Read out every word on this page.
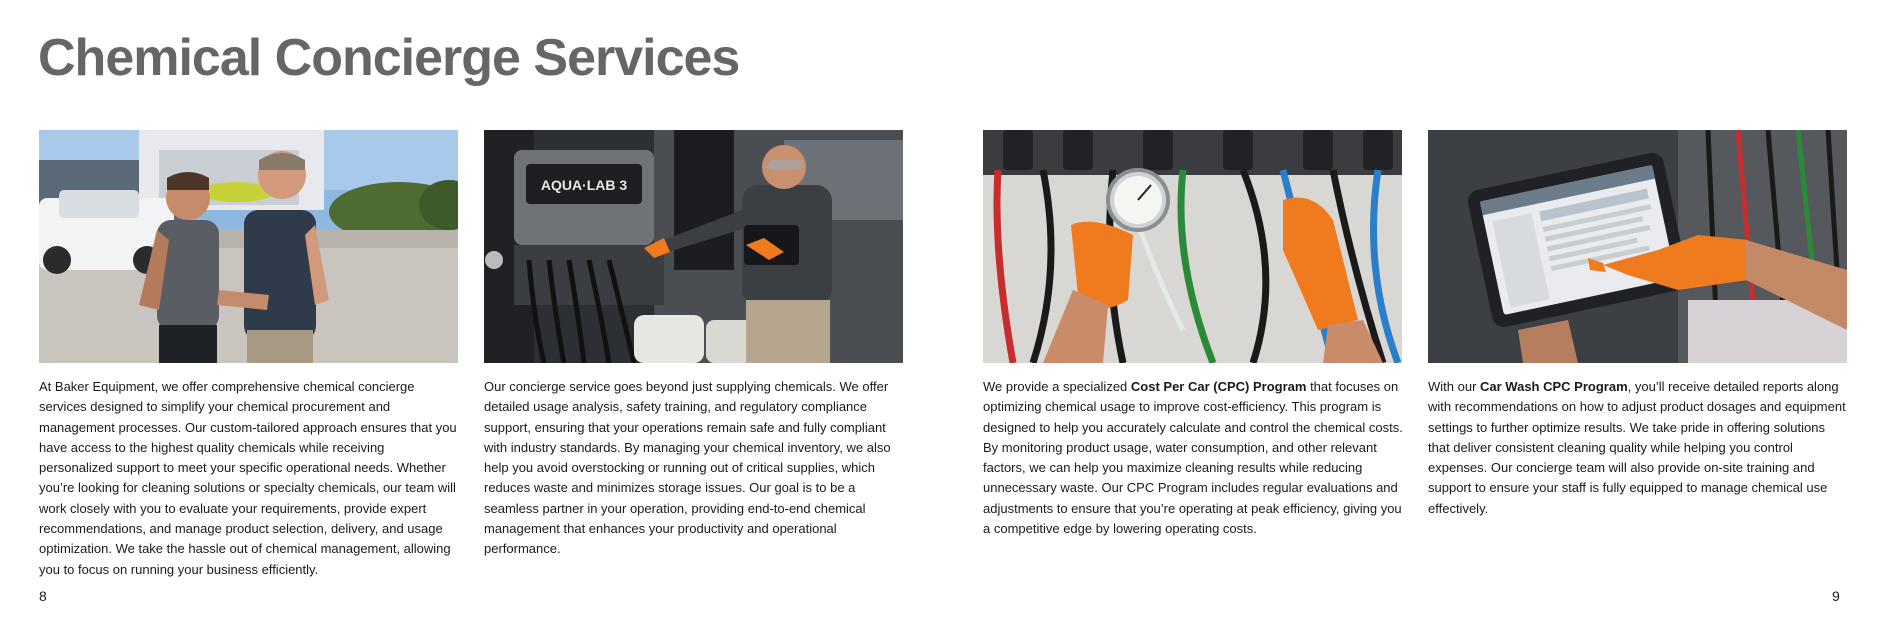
Chemical Concierge Services
AQUA·LAB 3

At Baker Equipment, we offer comprehensive chemical concierge services designed to simplify your chemical procurement and management processes. Our custom-tailored approach ensures that you have access to the highest quality chemicals while receiving personalized support to meet your specific operational needs. Whether you’re looking for cleaning solutions or specialty chemicals, our team will work closely with you to evaluate your requirements, provide expert recommendations, and manage product selection, delivery, and usage optimization. We take the hassle out of chemical management, allowing you to focus on running your business efficiently.

Our concierge service goes beyond just supplying chemicals. We offer detailed usage analysis, safety training, and regulatory compliance support, ensuring that your operations remain safe and fully compliant with industry standards. By managing your chemical inventory, we also help you avoid overstocking or running out of critical supplies, which reduces waste and minimizes storage issues. Our goal is to be a seamless partner in your operation, providing end-to-end chemical management that enhances your productivity and operational performance.

We provide a specialized Cost Per Car (CPC) Program that focuses on optimizing chemical usage to improve cost-efficiency. This program is designed to help you accurately calculate and control the chemical costs. By monitoring product usage, water consumption, and other relevant factors, we can help you maximize cleaning results while reducing unnecessary waste. Our CPC Program includes regular evaluations and adjustments to ensure that you’re operating at peak efficiency, giving you a competitive edge by lowering operating costs.

With our Car Wash CPC Program, you’ll receive detailed reports along with recommendations on how to adjust product dosages and equipment settings to further optimize results. We take pride in offering solutions that deliver consistent cleaning quality while helping you control expenses. Our concierge team will also provide on-site training and support to ensure your staff is fully equipped to manage chemical use effectively.

8	9
